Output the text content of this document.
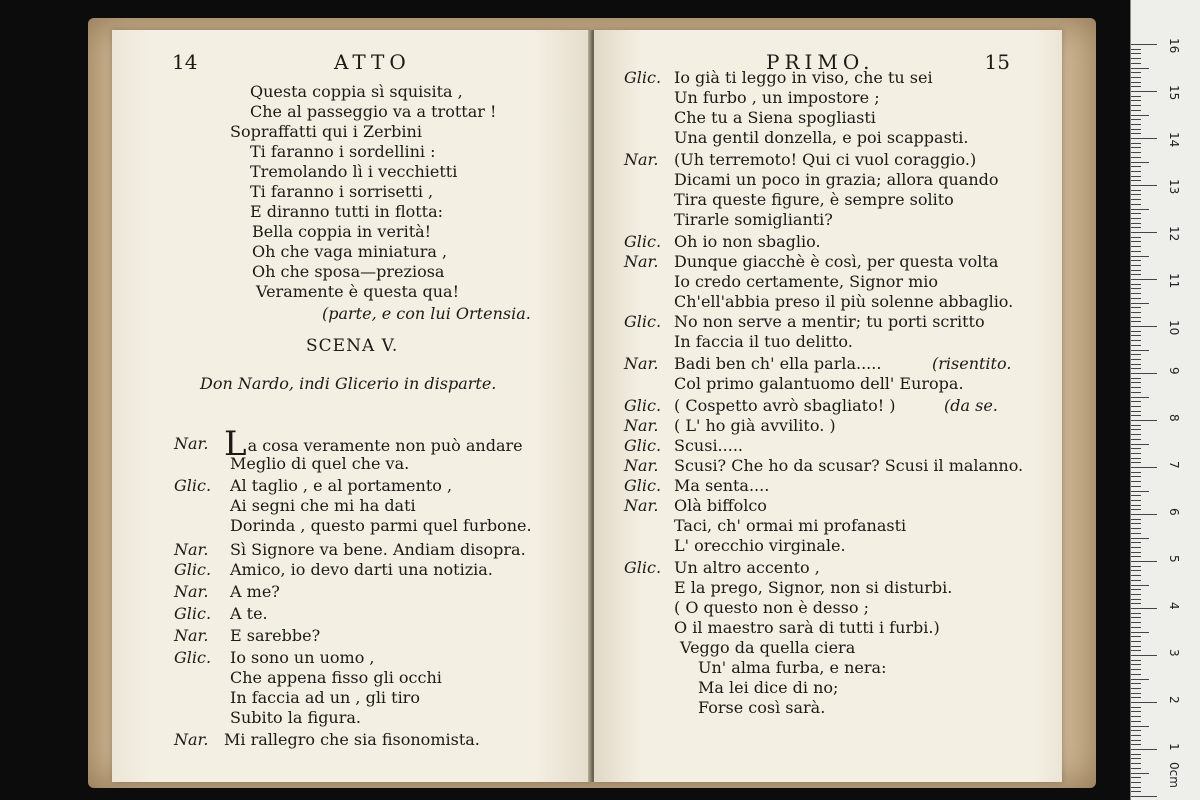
14	ATTO
Questa coppia sì squisita ,
Che al passeggio va a trottar !
Sopraffatti qui i Zerbini
Ti faranno i sordellini :
Tremolando lì i vecchietti
Ti faranno i sorrisetti ,
E diranno tutti in flotta:
Bella coppia in verità!
Oh che vaga miniatura ,
Oh che sposa—preziosa
Veramente è questa qua!
(parte, e con lui Ortensia.
SCENA V.
Don Nardo, indi Glicerio in disparte.
Nar. La cosa veramente non può andare
Meglio di quel che va.
Glic. Al taglio , e al portamento ,
Ai segni che mi ha dati
Dorinda , questo parmi quel furbone.
Nar. Sì Signore va bene. Andiam disopra.
Glic. Amico, io devo darti una notizia.
Nar. A me?
Glic. A te.
Nar. E sarebbe?
Glic. Io sono un uomo ,
Che appena fisso gli occhi
In faccia ad un , gli tiro
Subito la figura.
Nar. Mi rallegro che sia fisonomista.
PRIMO.	15
Glic. Io già ti leggo in viso, che tu sei
Un furbo , un impostore ;
Che tu a Siena spogliasti
Una gentil donzella, e poi scappasti.
Nar. (Uh terremoto! Qui ci vuol coraggio.)
Dicami un poco in grazia; allora quando
Tira queste figure, è sempre solito
Tirarle somiglianti?
Glic. Oh io non sbaglio.
Nar. Dunque giacchè è così, per questa volta
Io credo certamente, Signor mio
Ch'ell'abbia preso il più solenne abbaglio.
Glic. No non serve a mentir; tu porti scritto
In faccia il tuo delitto.
Nar. Badi ben ch' ella parla.....	(risentito.
Col primo galantuomo dell' Europa.
Glic. ( Cospetto avrò sbagliato! )	(da se.
Nar. ( L' ho già avvilito. )
Glic. Scusi.....
Nar. Scusi? Che ho da scusar? Scusi il malanno.
Glic. Ma senta....
Nar. Olà biffolco
Taci, ch' ormai mi profanasti
L' orecchio virginale.
Glic. Un altro accento ,
E la prego, Signor, non si disturbi.
( O questo non è desso ;
O il maestro sarà di tutti i furbi.)
Veggo da quella ciera
Un' alma furba, e nera:
Ma lei dice di no;
Forse così sarà.
16
15
14
13
12
11
10
9
8
7
6
5
4
3
2
1
0cm
